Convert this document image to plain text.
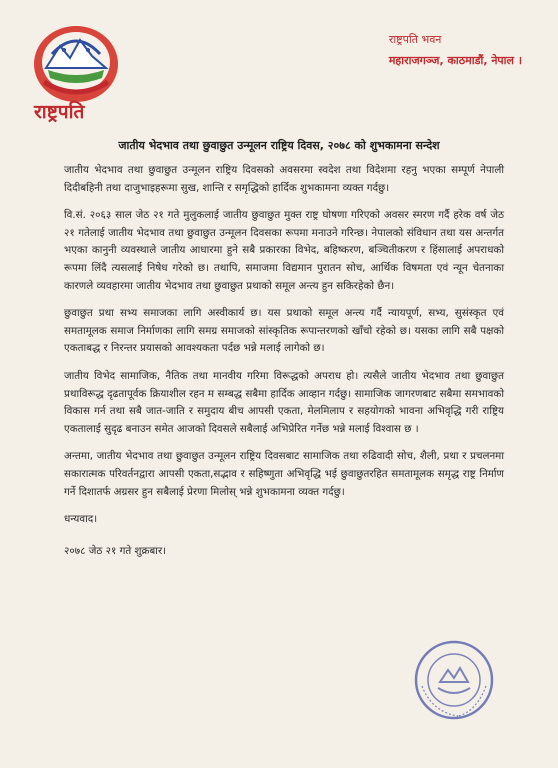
राष्ट्रपति
राष्ट्रपति भवन
महाराजगञ्ज, काठमाडौं, नेपाल ।
जातीय भेदभाव तथा छुवाछुत उन्मूलन राष्ट्रिय दिवस, २०७८ को शुभकामना सन्देश

जातीय भेदभाव तथा छुवाछुत उन्मूलन राष्ट्रिय दिवसको अवसरमा स्वदेश तथा विदेशमा रहनु भएका सम्पूर्ण नेपाली दिदीबहिनी तथा दाजुभाइहरूमा सुख, शान्ति र समृद्धिको हार्दिक शुभकामना व्यक्त गर्दछु।

वि.सं. २०६३ साल जेठ २१ गते मुलुकलाई जातीय छुवाछुत मुक्त राष्ट्र घोषणा गरिएको अवसर स्मरण गर्दै हरेक वर्ष जेठ २१ गतेलाई जातीय भेदभाव तथा छुवाछुत उन्मूलन दिवसका रूपमा मनाउने गरिन्छ। नेपालको संविधान तथा यस अन्तर्गत भएका कानुनी व्यवस्थाले जातीय आधारमा हुने सबै प्रकारका विभेद, बहिष्करण, बञ्चितीकरण र हिंसालाई अपराधको रूपमा लिंदै त्यसलाई निषेध गरेको छ। तथापि, समाजमा विद्यमान पुरातन सोच, आर्थिक विषमता एवं न्यून चेतनाका कारणले व्यवहारमा जातीय भेदभाव तथा छुवाछुत प्रथाको समूल अन्त्य हुन सकिरहेको छैन।

छुवाछुत प्रथा सभ्य समाजका लागि अस्वीकार्य छ। यस प्रथाको समूल अन्त्य गर्दै न्यायपूर्ण, सभ्य, सुसंस्कृत एवं समतामूलक समाज निर्माणका लागि समग्र समाजको सांस्कृतिक रूपान्तरणको खाँचो रहेको छ। यसका लागि सबै पक्षको एकताबद्ध र निरन्तर प्रयासको आवश्यकता पर्दछ भन्ने मलाई लागेको छ।

जातीय विभेद सामाजिक, नैतिक तथा मानवीय गरिमा विरूद्धको अपराध हो। त्यसैले जातीय भेदभाव तथा छुवाछुत प्रथाविरूद्ध दृढतापूर्वक क्रियाशील रहन म सम्बद्ध सबैमा हार्दिक आव्हान गर्दछु। सामाजिक जागरणबाट सबैमा समभावको विकास गर्न तथा सबै जात-जाति र समुदाय बीच आपसी एकता, मेलमिलाप र सहयोगको भावना अभिवृद्धि गरी राष्ट्रिय एकतालाई सुदृढ बनाउन समेत आजको दिवसले सबैलाई अभिप्रेरित गर्नेछ भन्ने मलाई विश्वास छ ।

अन्तमा, जातीय भेदभाव तथा छुवाछुत उन्मूलन राष्ट्रिय दिवसबाट सामाजिक तथा रुढिवादी सोच, शैली, प्रथा र प्रचलनमा सकारात्मक परिवर्तनद्वारा आपसी एकता,सद्भाव र सहिष्णुता अभिवृद्धि भई छुवाछुतरहित समतामूलक समृद्ध राष्ट्र निर्माण गर्ने दिशातर्फ अग्रसर हुन सबैलाई प्रेरणा मिलोस् भन्ने शुभकामना व्यक्त गर्दछु।

धन्यवाद।
२०७८ जेठ २१ गते शुक्रबार।
